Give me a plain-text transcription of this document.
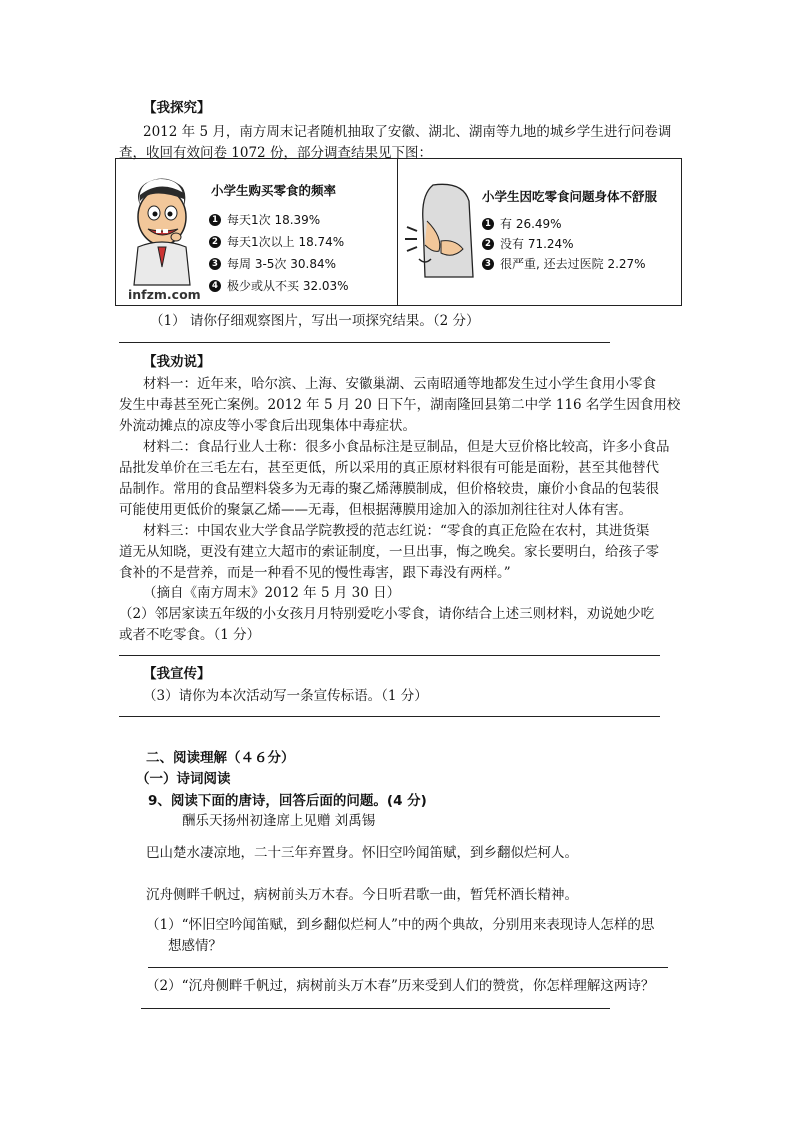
【我探究】
2012 年 5 月，南方周末记者随机抽取了安徽、湖北、湖南等九地的城乡学生进行问卷调
查，收回有效问卷 1072 份，部分调查结果见下图：
infzm.com
小学生购买零食的频率
1 每天1次 18.39%
2 每天1次以上 18.74%
3 每周 3-5次 30.84%
4 极少或从不买 32.03%
小学生因吃零食问题身体不舒服
1 有 26.49%
2 没有 71.24%
3 很严重, 还去过医院 2.27%
（1） 请你仔细观察图片，写出一项探究结果。（2 分）
【我劝说】
材料一：近年来，哈尔滨、上海、安徽巢湖、云南昭通等地都发生过小学生食用小零食
发生中毒甚至死亡案例。2012 年 5 月 20 日下午，湖南隆回县第二中学 116 名学生因食用校
外流动摊点的凉皮等小零食后出现集体中毒症状。
材料二：食品行业人士称：很多小食品标注是豆制品，但是大豆价格比较高，许多小食品
品批发单价在三毛左右，甚至更低，所以采用的真正原材料很有可能是面粉，甚至其他替代
品制作。常用的食品塑料袋多为无毒的聚乙烯薄膜制成，但价格较贵，廉价小食品的包装很
可能使用更低价的聚氯乙烯——无毒，但根据薄膜用途加入的添加剂往往对人体有害。
材料三：中国农业大学食品学院教授的范志红说：“零食的真正危险在农村，其进货渠
道无从知晓，更没有建立大超市的索证制度，一旦出事，悔之晚矣。家长要明白，给孩子零
食补的不是营养，而是一种看不见的慢性毒害，跟下毒没有两样。”
（摘自《南方周末》2012 年 5 月 30 日）
（2）邻居家读五年级的小女孩月月特别爱吃小零食，请你结合上述三则材料，劝说她少吃
或者不吃零食。（1 分）
【我宣传】
（3）请你为本次活动写一条宣传标语。（1 分）
二、阅读理解（４６分）
（一）诗词阅读
9、阅读下面的唐诗，回答后面的问题。(4 分)
酬乐天扬州初逢席上见赠 刘禹锡
巴山楚水凄凉地，二十三年弃置身。怀旧空吟闻笛赋，到乡翻似烂柯人。
沉舟侧畔千帆过，病树前头万木春。今日听君歌一曲，暂凭杯酒长精神。
（1）“怀旧空吟闻笛赋，到乡翻似烂柯人”中的两个典故，分别用来表现诗人怎样的思
想感情？
（2）“沉舟侧畔千帆过，病树前头万木春”历来受到人们的赞赏，你怎样理解这两诗？
